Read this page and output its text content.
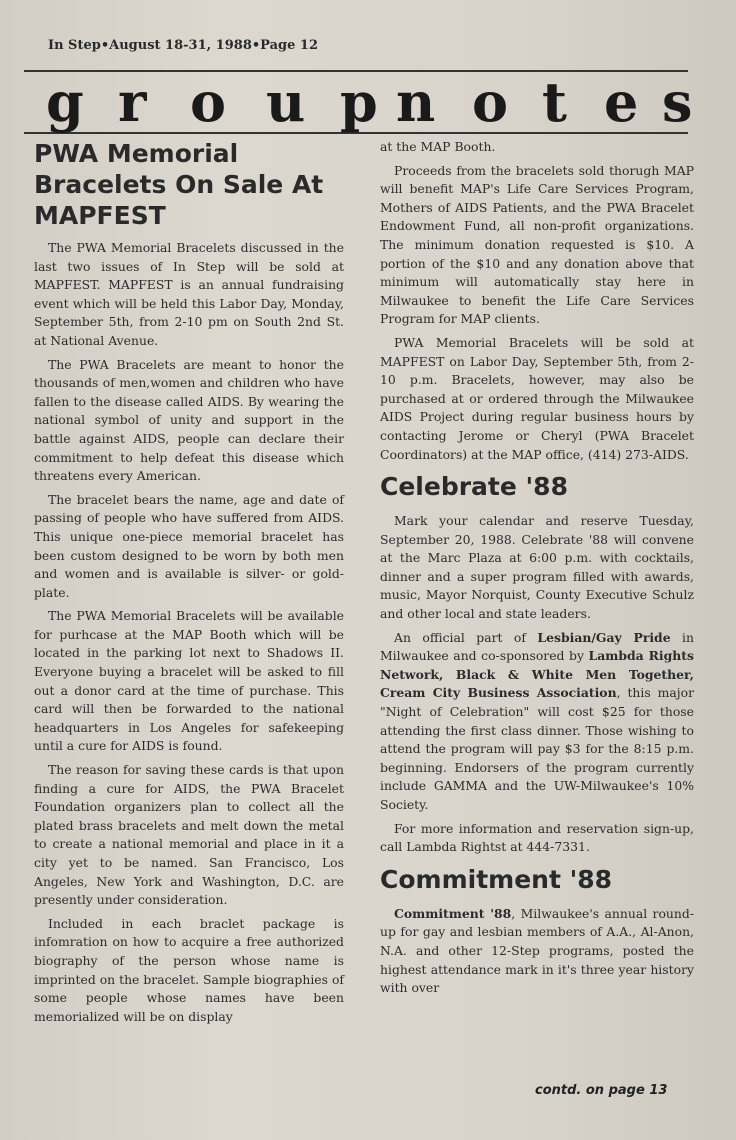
In Step•August 18-31, 1988•Page 12
g r o u p n o t e s
PWA Memorial Bracelets On Sale At MAPFEST

The PWA Memorial Bracelets discussed in the last two issues of In Step will be sold at MAPFEST. MAPFEST is an annual fundraising event which will be held this Labor Day, Monday, September 5th, from 2-10 pm on South 2nd St. at National Avenue.

The PWA Bracelets are meant to honor the thousands of men,women and children who have fallen to the disease called AIDS. By wearing the national symbol of unity and support in the battle against AIDS, people can declare their commitment to help defeat this disease which threatens every American.

The bracelet bears the name, age and date of passing of people who have suffered from AIDS. This unique one-piece memorial bracelet has been custom designed to be worn by both men and women and is available is silver- or gold-plate.

The PWA Memorial Bracelets will be available for purhcase at the MAP Booth which will be located in the parking lot next to Shadows II. Everyone buying a bracelet will be asked to fill out a donor card at the time of purchase. This card will then be forwarded to the national headquarters in Los Angeles for safekeeping until a cure for AIDS is found.

The reason for saving these cards is that upon finding a cure for AIDS, the PWA Bracelet Foundation organizers plan to collect all the plated brass bracelets and melt down the metal to create a national memorial and place in it a city yet to be named. San Francisco, Los Angeles, New York and Washington, D.C. are presently under consideration.

Included in each braclet package is infomration on how to acquire a free authorized biography of the person whose name is imprinted on the bracelet. Sample biographies of some people whose names have been memorialized will be on display

at the MAP Booth.

Proceeds from the bracelets sold thorugh MAP will benefit MAP's Life Care Services Program, Mothers of AIDS Patients, and the PWA Bracelet Endowment Fund, all non-profit organizations. The minimum donation requested is $10. A portion of the $10 and any donation above that minimum will automatically stay here in Milwaukee to benefit the Life Care Services Program for MAP clients.

PWA Memorial Bracelets will be sold at MAPFEST on Labor Day, September 5th, from 2-10 p.m. Bracelets, however, may also be purchased at or ordered through the Milwaukee AIDS Project during regular business hours by contacting Jerome or Cheryl (PWA Bracelet Coordinators) at the MAP office, (414) 273-AIDS.

Celebrate '88

Mark your calendar and reserve Tuesday, September 20, 1988. Celebrate '88 will convene at the Marc Plaza at 6:00 p.m. with cocktails, dinner and a super program filled with awards, music, Mayor Norquist, County Executive Schulz and other local and state leaders.

An official part of Lesbian/Gay Pride in Milwaukee and co-sponsored by Lambda Rights Network, Black & White Men Together, Cream City Business Association, this major "Night of Celebration" will cost $25 for those attending the first class dinner. Those wishing to attend the program will pay $3 for the 8:15 p.m. beginning. Endorsers of the program currently include GAMMA and the UW-Milwaukee's 10% Society.

For more information and reservation sign-up, call Lambda Rightst at 444-7331.

Commitment '88

Commitment '88, Milwaukee's annual round-up for gay and lesbian members of A.A., Al-Anon, N.A. and other 12-Step programs, posted the highest attendance mark in it's three year history with over

contd. on page 13
